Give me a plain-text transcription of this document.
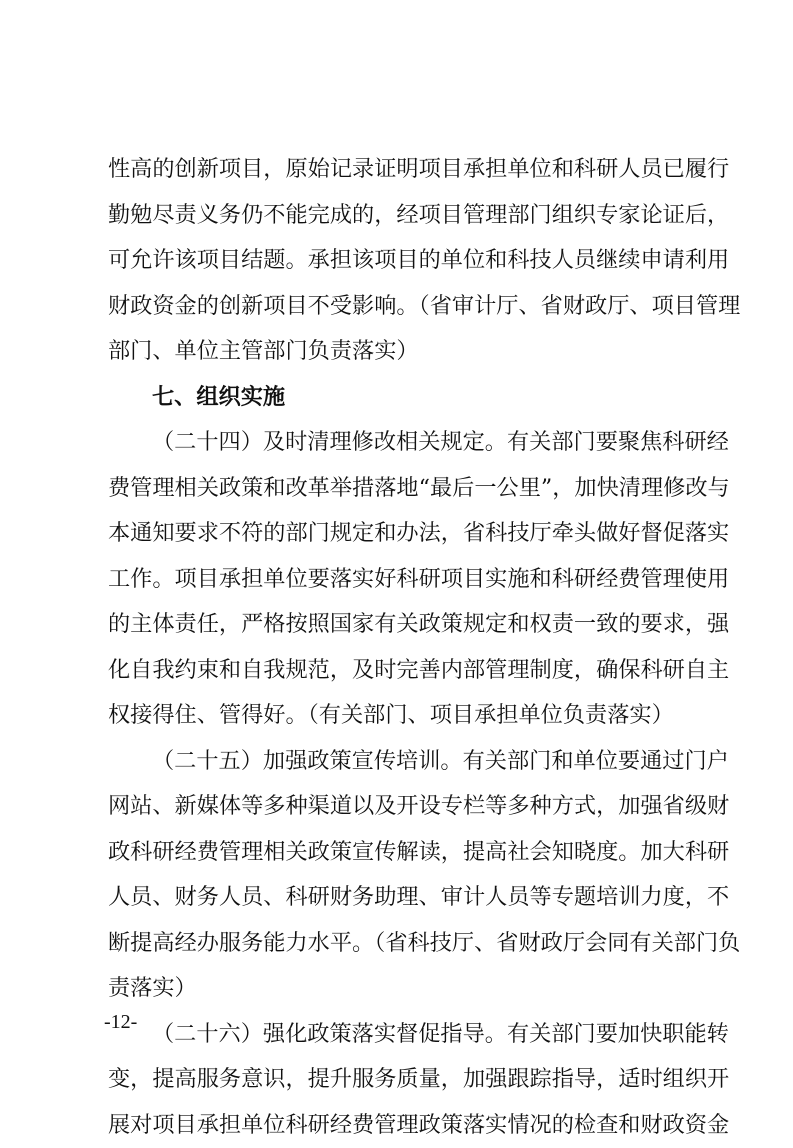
性高的创新项目，原始记录证明项目承担单位和科研人员已履行
勤勉尽责义务仍不能完成的，经项目管理部门组织专家论证后，
可允许该项目结题。承担该项目的单位和科技人员继续申请利用
财政资金的创新项目不受影响。（省审计厅、省财政厅、项目管理
部门、单位主管部门负责落实）
七、组织实施
（二十四）及时清理修改相关规定。有关部门要聚焦科研经
费管理相关政策和改革举措落地“最后一公里”，加快清理修改与
本通知要求不符的部门规定和办法，省科技厅牵头做好督促落实
工作。项目承担单位要落实好科研项目实施和科研经费管理使用
的主体责任，严格按照国家有关政策规定和权责一致的要求，强
化自我约束和自我规范，及时完善内部管理制度，确保科研自主
权接得住、管得好。（有关部门、项目承担单位负责落实）
（二十五）加强政策宣传培训。有关部门和单位要通过门户
网站、新媒体等多种渠道以及开设专栏等多种方式，加强省级财
政科研经费管理相关政策宣传解读，提高社会知晓度。加大科研
人员、财务人员、科研财务助理、审计人员等专题培训力度，不
断提高经办服务能力水平。（省科技厅、省财政厅会同有关部门负
责落实）
（二十六）强化政策落实督促指导。有关部门要加快职能转
变，提高服务意识，提升服务质量，加强跟踪指导，适时组织开
展对项目承担单位科研经费管理政策落实情况的检查和财政资金
-12-
